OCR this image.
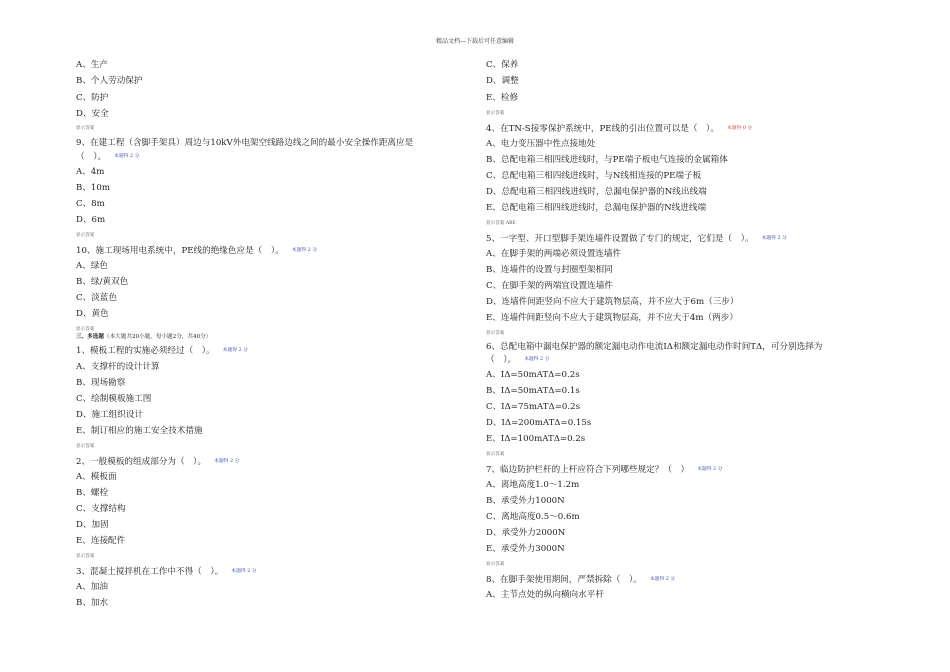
精品文档---下载后可任意编辑
A、生产
B、个人劳动保护
C、防护
D、安全
显示答案
9、在建工程（含脚手架具）周边与10kV外电架空线路边线之间的最小安全操作距离应是
（　）。 本题得 2 分
A、4m
B、10m
C、8m
D、6m
显示答案
10、施工现场用电系统中，PE线的绝缘色应是（　）。 本题得 2 分
A、绿色
B、绿/黄双色
C、淡蓝色
D、黄色
显示答案
三、多选题（本大题共20小题，每小题2分，共40分）
1、模板工程的实施必须经过（　）。 本题得 2 分
A、支撑杆的设计计算
B、现场勘察
C、绘制模板施工图
D、施工组织设计
E、制订相应的施工安全技术措施
显示答案
2、一般模板的组成部分为（　）。 本题得 2 分
A、模板面
B、螺栓
C、支撑结构
D、加固
E、连接配件
显示答案
3、混凝土搅拌机在工作中不得（　）。 本题得 2 分
A、加油
B、加水
C、保养
D、调整
E、检修
显示答案
4、在TN-S接零保护系统中，PE线的引出位置可以是（　）。 本题得 0 分
A、电力变压器中性点接地处
B、总配电箱三相四线进线时，与PE端子板电气连接的金属箱体
C、总配电箱三相四线进线时，与N线相连接的PE端子板
D、总配电箱三相四线进线时，总漏电保护器的N线出线端
E、总配电箱三相四线进线时，总漏电保护器的N线进线端
显示答案 ABE
5、一字型、开口型脚手架连墙件设置做了专门的规定，它们是（　）。 本题得 2 分
A、在脚手架的两端必须设置连墙件
B、连墙件的设置与封圈型架相同
C、在脚手架的两端宜设置连墙件
D、连墙件间距竖向不应大于建筑物层高，并不应大于6m（三步）
E、连墙件间距竖向不应大于建筑物层高，并不应大于4m（两步）
显示答案
6、总配电箱中漏电保护器的额定漏电动作电流IΔ和额定漏电动作时间TΔ，可分别选择为
（　）。 本题得 2 分
A、IΔ=50mATΔ=0.2s
B、IΔ=50mATΔ=0.1s
C、IΔ=75mATΔ=0.2s
D、IΔ=200mATΔ=0.15s
E、IΔ=100mATΔ=0.2s
显示答案
7、临边防护栏杆的上杆应符合下列哪些规定？（　） 本题得 2 分
A、离地高度1.0～1.2m
B、承受外力1000N
C、离地高度0.5～0.6m
D、承受外力2000N
E、承受外力3000N
显示答案
8、在脚手架使用期间，严禁拆除（　）。 本题得 2 分
A、主节点处的纵向横向水平杆
